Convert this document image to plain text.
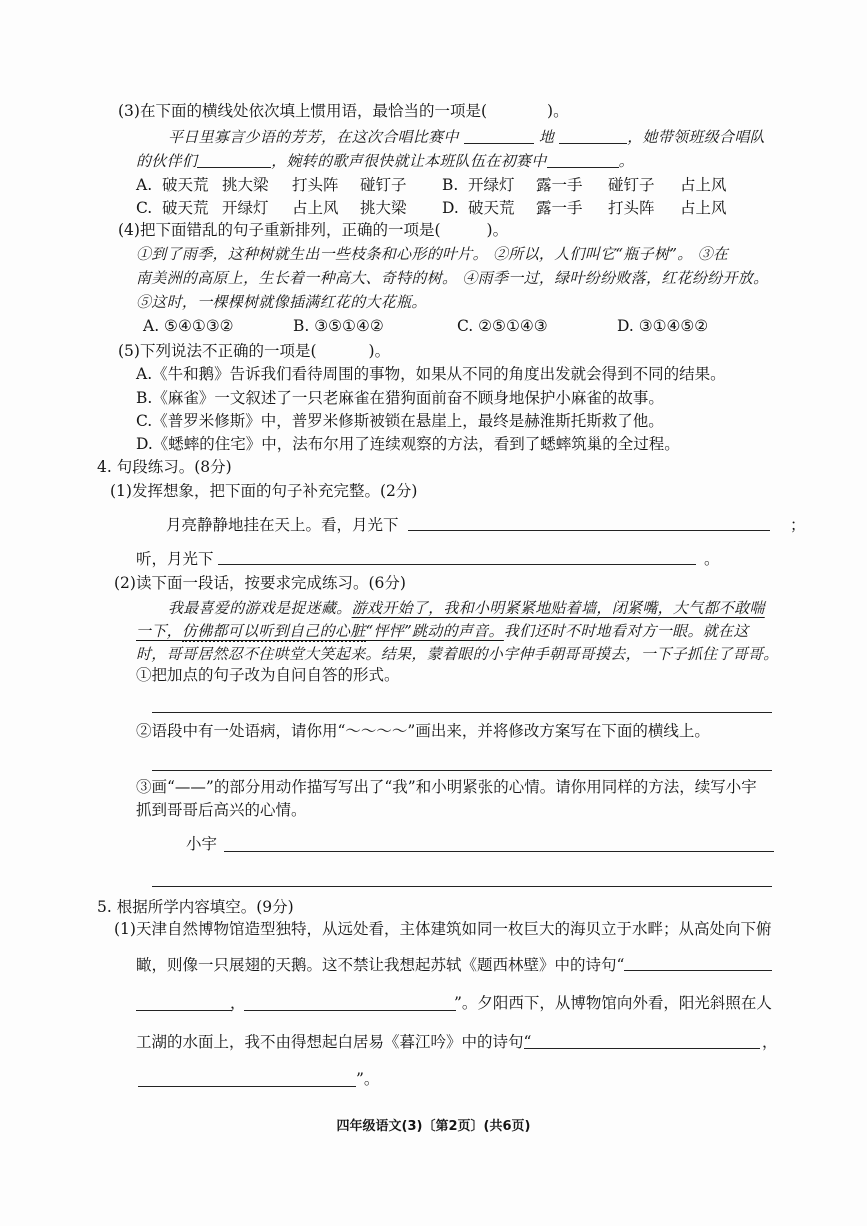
(3)在下面的横线处依次填上惯用语，最恰当的一项是(	)。
平日里寡言少语的芳芳，在这次合唱比赛中	地	，她带领班级合唱队
的伙伴们	，婉转的歌声很快就让本班队伍在初赛中	。
A. 破天荒 挑大梁 打头阵 碰钉子 B. 开绿灯 露一手 碰钉子 占上风
C. 破天荒 开绿灯 占上风 挑大梁 D. 破天荒 露一手 打头阵 占上风
(4)把下面错乱的句子重新排列，正确的一项是(	)。
①到了雨季，这种树就生出一些枝条和心形的叶片。 ②所以，人们叫它“瓶子树”。 ③在
南美洲的高原上，生长着一种高大、奇特的树。 ④雨季一过，绿叶纷纷败落，红花纷纷开放。
⑤这时，一棵棵树就像插满红花的大花瓶。
A. ⑤④①③②	B. ③⑤①④②	C. ②⑤①④③	D. ③①④⑤②
(5)下列说法不正确的一项是(	)。
A.《牛和鹅》告诉我们看待周围的事物，如果从不同的角度出发就会得到不同的结果。
B.《麻雀》一文叙述了一只老麻雀在猎狗面前奋不顾身地保护小麻雀的故事。
C.《普罗米修斯》中，普罗米修斯被锁在悬崖上，最终是赫淮斯托斯救了他。
D.《蟋蟀的住宅》中，法布尔用了连续观察的方法，看到了蟋蟀筑巢的全过程。
4. 句段练习。(8分)
(1)发挥想象，把下面的句子补充完整。(2分)
月亮静静地挂在天上。看，月光下	；
听，月光下	。
(2)读下面一段话，按要求完成练习。(6分)
我最喜爱的游戏是捉迷藏。游戏开始了，我和小明紧紧地贴着墙，闭紧嘴，大气都不敢喘
一下，仿佛都可以听到自己的心脏“怦怦”跳动的声音。我们还时不时地看对方一眼。就在这
时，哥哥居然忍不住哄堂大笑起来。结果，蒙着眼的小宇伸手朝哥哥摸去，一下子抓住了哥哥。
①把加点的句子改为自问自答的形式。
②语段中有一处语病，请你用“～～～～”画出来，并将修改方案写在下面的横线上。
③画“——”的部分用动作描写写出了“我”和小明紧张的心情。请你用同样的方法，续写小宇
抓到哥哥后高兴的心情。
小宇
5. 根据所学内容填空。(9分)
(1)天津自然博物馆造型独特，从远处看，主体建筑如同一枚巨大的海贝立于水畔；从高处向下俯
瞰，则像一只展翅的天鹅。这不禁让我想起苏轼《题西林壁》中的诗句“
，	”。夕阳西下，从博物馆向外看，阳光斜照在人
工湖的水面上，我不由得想起白居易《暮江吟》中的诗句“	，
”。
四年级语文(3)〔第2页〕(共6页)
